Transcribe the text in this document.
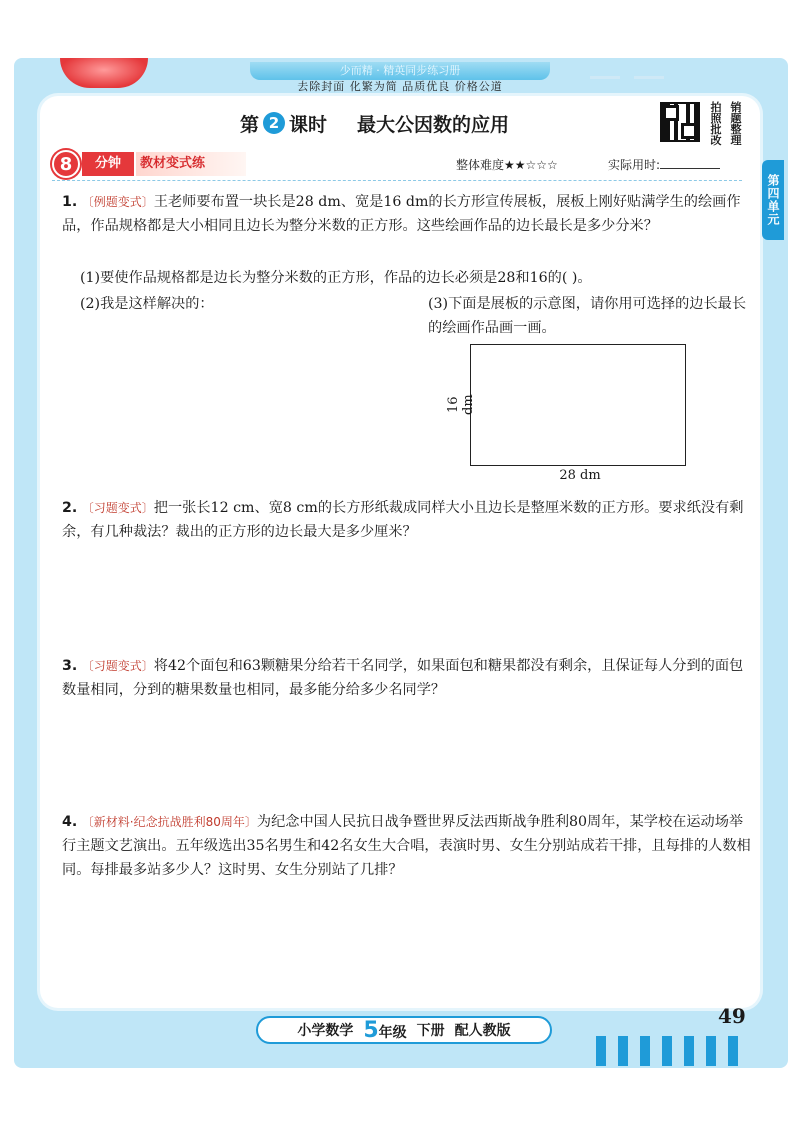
少而精 · 精英同步练习册
去除封面 化繁为简 品质优良 价格公道
第 2 课时 最大公因数的应用
拍 销
照 题
批 整
改 理
8	分钟	教材变式练	整体难度★★☆☆☆	实际用时:
第四单元
1. 〔例题变式〕王老师要布置一块长是28 dm、宽是16 dm的长方形宣传展板，展板上刚好贴满学生的绘画作品，作品规格都是大小相同且边长为整分米数的正方形。这些绘画作品的边长最长是多少分米？
(1)要使作品规格都是边长为整分米数的正方形，作品的边长必须是28和16的( )。
(2)我是这样解决的：	(3)下面是展板的示意图，请你用可选择的边长最长的绘画作品画一画。
16 dm
28 dm
2. 〔习题变式〕把一张长12 cm、宽8 cm的长方形纸裁成同样大小且边长是整厘米数的正方形。要求纸没有剩余，有几种裁法？裁出的正方形的边长最大是多少厘米？
3. 〔习题变式〕将42个面包和63颗糖果分给若干名同学，如果面包和糖果都没有剩余，且保证每人分到的面包数量相同，分到的糖果数量也相同，最多能分给多少名同学？
4. 〔新材料·纪念抗战胜利80周年〕为纪念中国人民抗日战争暨世界反法西斯战争胜利80周年，某学校在运动场举行主题文艺演出。五年级选出35名男生和42名女生大合唱，表演时男、女生分别站成若干排，且每排的人数相同。每排最多站多少人？这时男、女生分别站了几排？
小学数学 5年级 下册 配人教版
49
